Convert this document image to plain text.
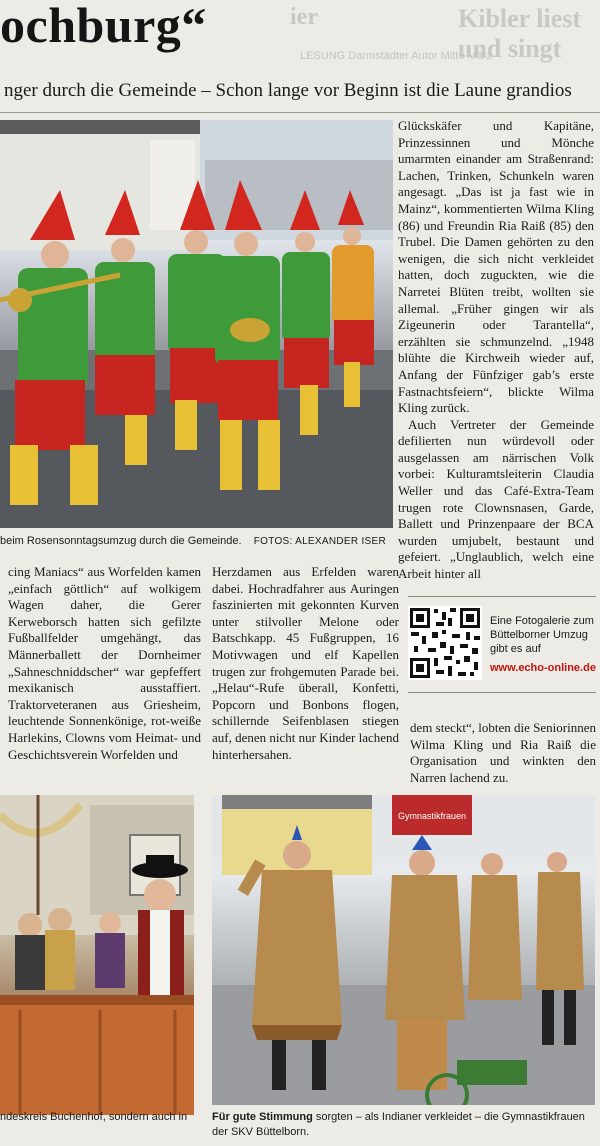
ier	Kibler liest und singt
LESUNG Darmstädter Autor Mitte März
ochburg“
nger durch die Gemeinde – Schon lange vor Beginn ist die Laune grandios
beim Rosensonntagsumzug durch die Gemeinde. FOTOS: ALEXANDER ISER

Glückskäfer und Kapitäne, Prinzessinnen und Mönche umarmten einander am Straßenrand: Lachen, Trinken, Schunkeln waren angesagt. „Das ist ja fast wie in Mainz“, kommentierten Wilma Kling (86) und Freundin Ria Raiß (85) den Trubel. Die Damen gehörten zu den wenigen, die sich nicht verkleidet hatten, doch zuguckten, wie die Narretei Blüten treibt, wollten sie allemal. „Früher gingen wir als Zigeunerin oder Tarantella“, erzählten sie schmunzelnd. „1948 blühte die Kirchweih wieder auf, Anfang der Fünfziger gab’s erste Fastnachtsfeiern“, blickte Wilma Kling zurück.

Auch Vertreter der Gemeinde defilierten nun würdevoll oder ausgelassen am närrischen Volk vorbei: Kulturamtsleiterin Claudia Weller und das Café-Extra-Team trugen rote Clownsnasen, Garde, Ballett und Prinzenpaare der BCA wurden umjubelt, bestaunt und gefeiert. „Unglaublich, welch eine Arbeit hinter all

cing Maniacs“ aus Worfelden kamen „einfach göttlich“ auf wolkigem Wagen daher, die Gerer Kerweborsch hatten sich gefilzte Fußballfelder umgehängt, das Männerballett der Dornheimer „Sahneschniddscher“ war gepfeffert mexikanisch ausstaffiert. Traktorveteranen aus Griesheim, leuchtende Sonnenkönige, rot-weiße Harlekins, Clowns vom Heimat- und Geschichtsverein Worfelden und

Herzdamen aus Erfelden waren dabei. Hochradfahrer aus Auringen faszinierten mit gekonnten Kurven unter stilvoller Melone oder Batschkapp. 45 Fußgruppen, 16 Motivwagen und elf Kapellen trugen zur frohgemuten Parade bei. „Helau“-Rufe überall, Konfetti, Popcorn und Bonbons flogen, schillernde Seifenblasen stiegen auf, denen nicht nur Kinder lachend hinterhersahen.

Eine Fotogalerie zum Büttelborner Umzug gibt es auf
www.echo-online.de

dem steckt“, lobten die Seniorinnen Wilma Kling und Ria Raiß die Organisation und winkten den Narren lachend zu.

ndeskreis Buchenhof, sondern auch in
Gymnastikfrauen
Für gute Stimmung sorgten – als Indianer verkleidet – die Gymnastikfrauen der SKV Büttelborn.
